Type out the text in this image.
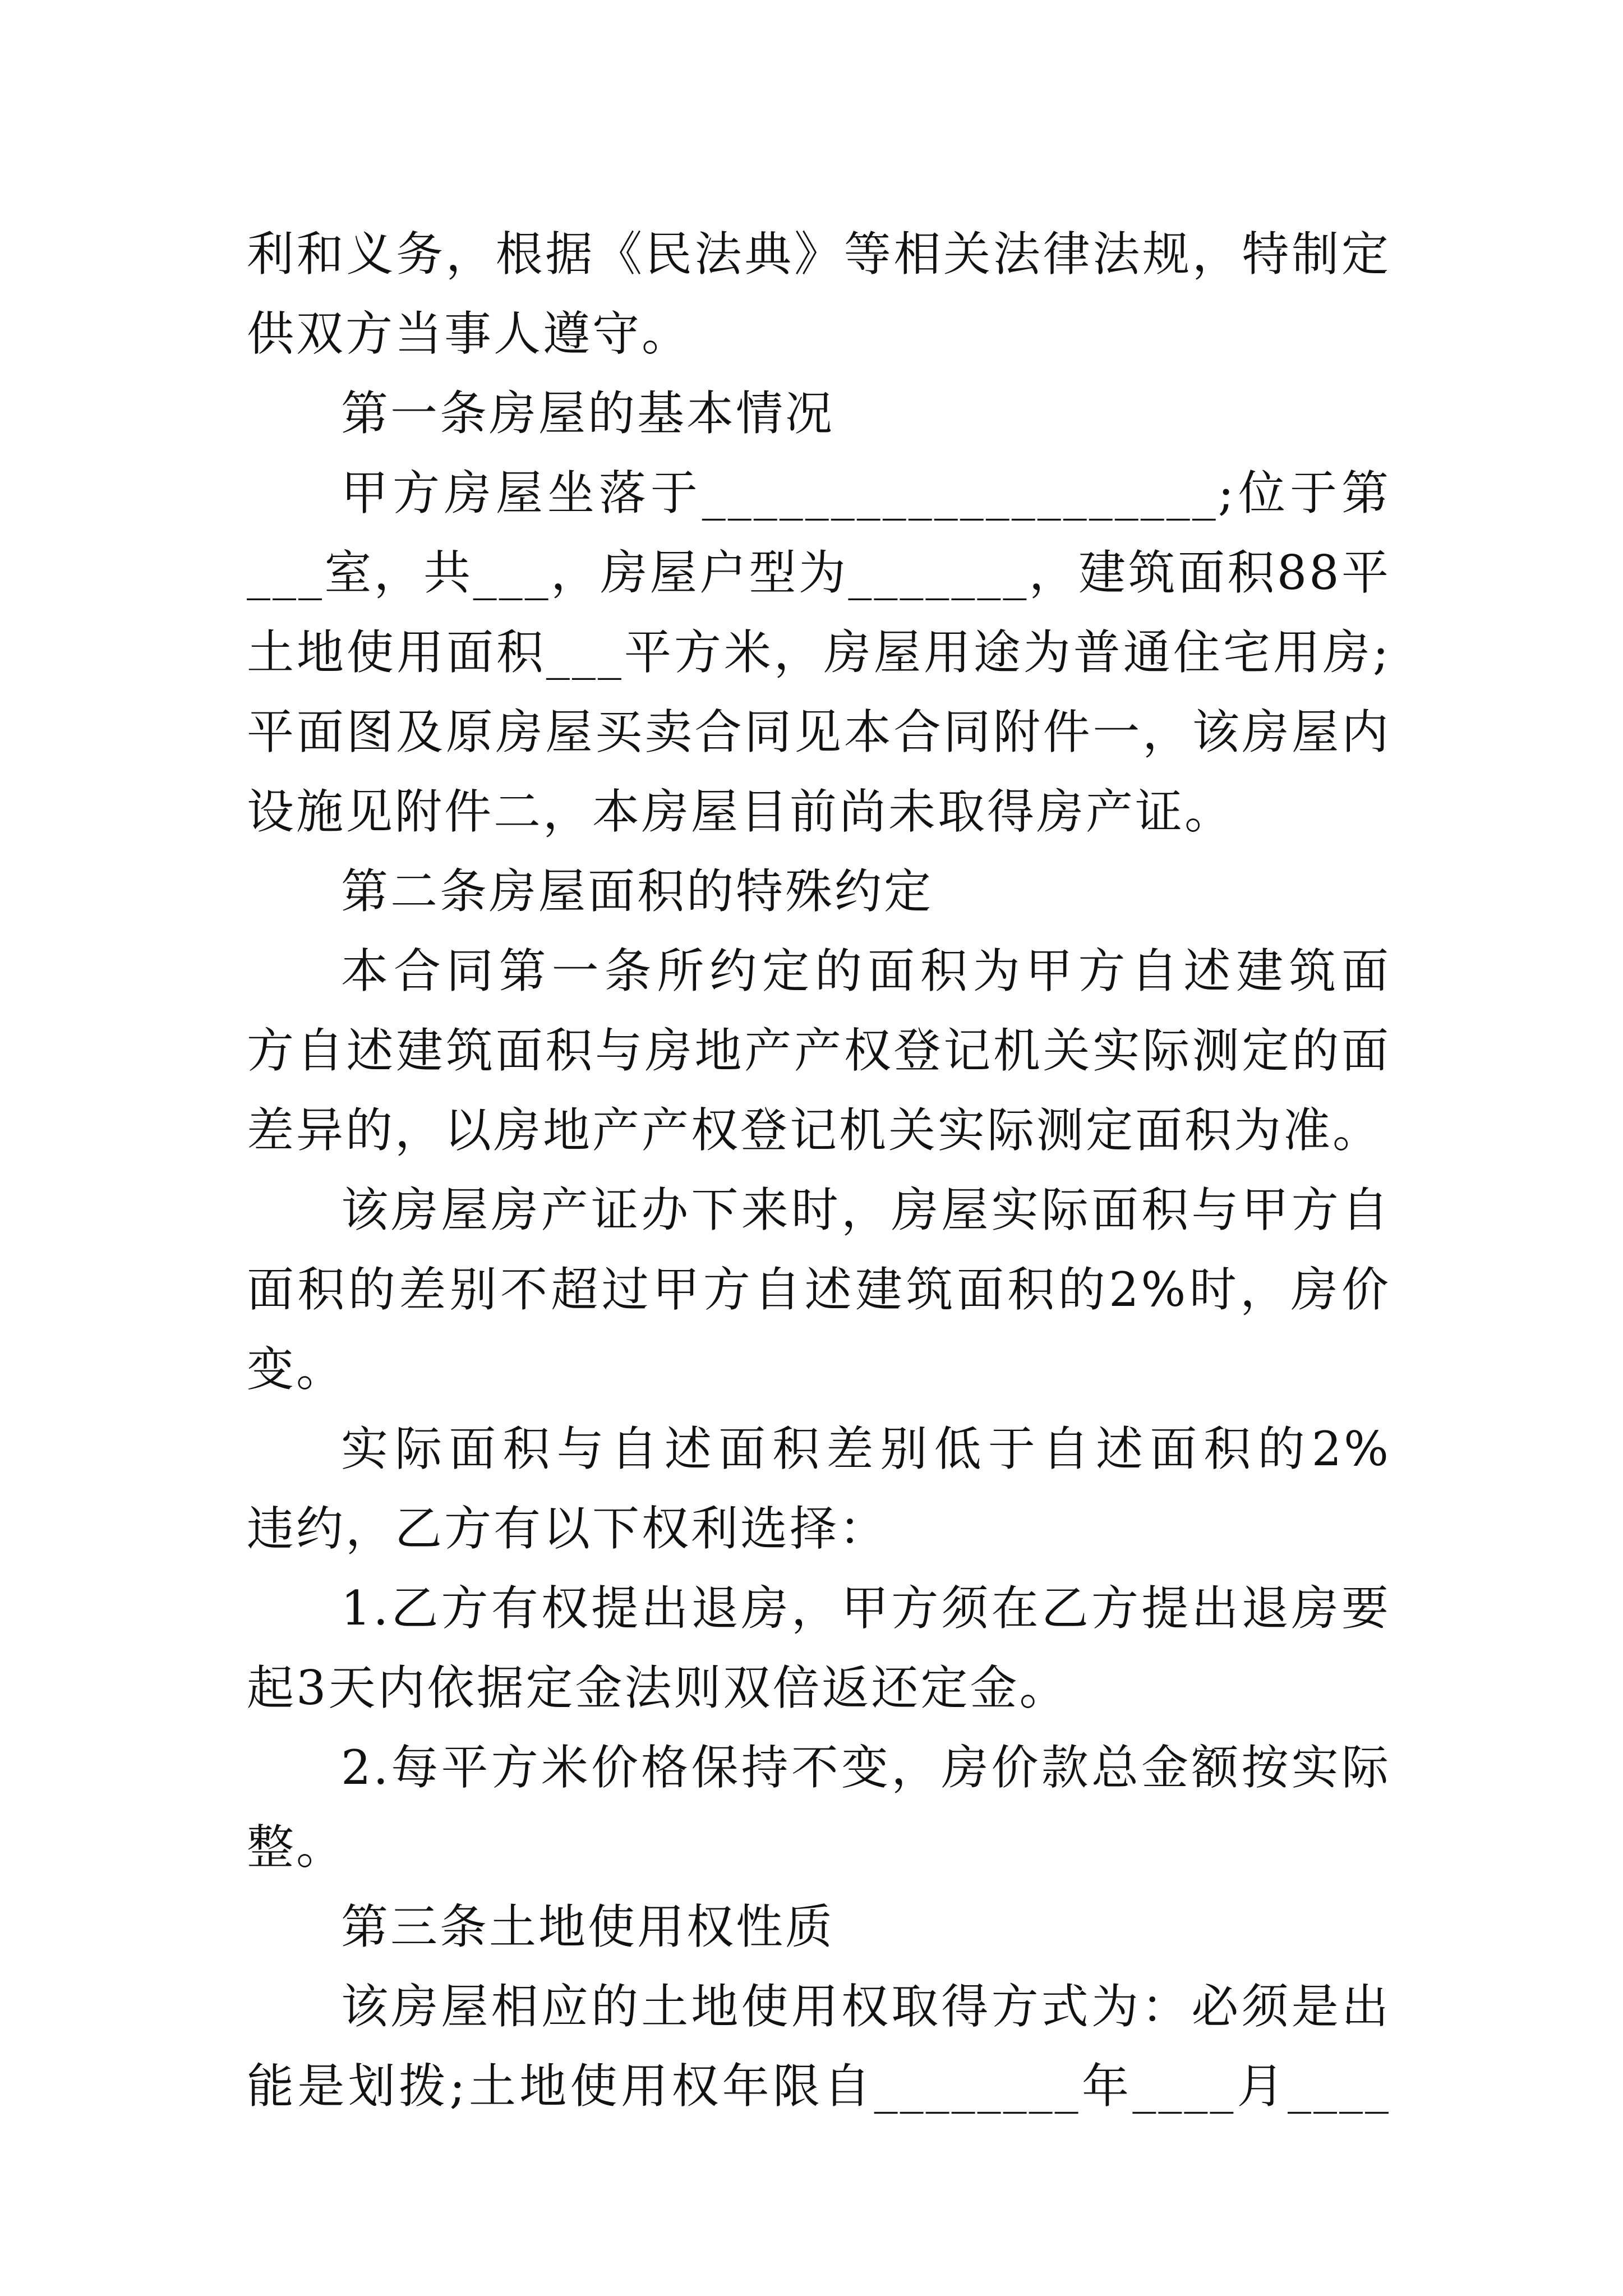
利和义务，根据《民法典》等相关法律法规，特制定
供双方当事人遵守。
第一条房屋的基本情况
甲方房屋坐落于____________________;位于第
___室，共___，房屋户型为_______，建筑面积88平
土地使用面积___平方米，房屋用途为普通住宅用房;
平面图及原房屋买卖合同见本合同附件一，该房屋内
设施见附件二，本房屋目前尚未取得房产证。
第二条房屋面积的特殊约定
本合同第一条所约定的面积为甲方自述建筑面
方自述建筑面积与房地产产权登记机关实际测定的面
差异的，以房地产产权登记机关实际测定面积为准。
该房屋房产证办下来时，房屋实际面积与甲方自
面积的差别不超过甲方自述建筑面积的2%时，房价
变。
实际面积与自述面积差别低于自述面积的2%
违约，乙方有以下权利选择：
1.乙方有权提出退房，甲方须在乙方提出退房要
起3天内依据定金法则双倍返还定金。
2.每平方米价格保持不变，房价款总金额按实际
整。
第三条土地使用权性质
该房屋相应的土地使用权取得方式为：必须是出
能是划拨;土地使用权年限自________年____月____
